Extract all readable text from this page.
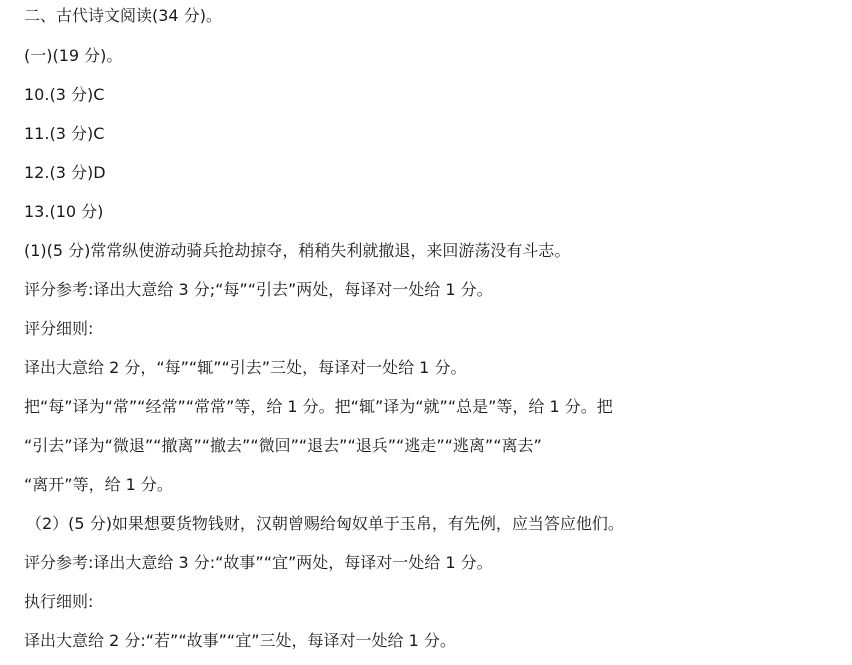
二、古代诗文阅读(34 分)。
(一)(19 分)。
10.(3 分)C
11.(3 分)C
12.(3 分)D
13.(10 分)
(1)(5 分)常常纵使游动骑兵抢劫掠夺，稍稍失利就撤退，来回游荡没有斗志。
评分参考:译出大意给 3 分;“每”“引去”两处，每译对一处给 1 分。
评分细则:
译出大意给 2 分，“每”“辄”“引去”三处，每译对一处给 1 分。
把“每”译为“常”“经常”“常常”等，给 1 分。把“辄”译为“就”“总是”等，给 1 分。把
“引去”译为“微退”“撤离”“撤去”“微回”“退去”“退兵”“逃走”“逃离”“离去”
“离开”等，给 1 分。
（2）(5 分)如果想要货物钱财，汉朝曾赐给匈奴单于玉帛，有先例，应当答应他们。
评分参考:译出大意给 3 分:“故事”“宜”两处，每译对一处给 1 分。
执行细则:
译出大意给 2 分:“若”“故事”“宜”三处，每译对一处给 1 分。
